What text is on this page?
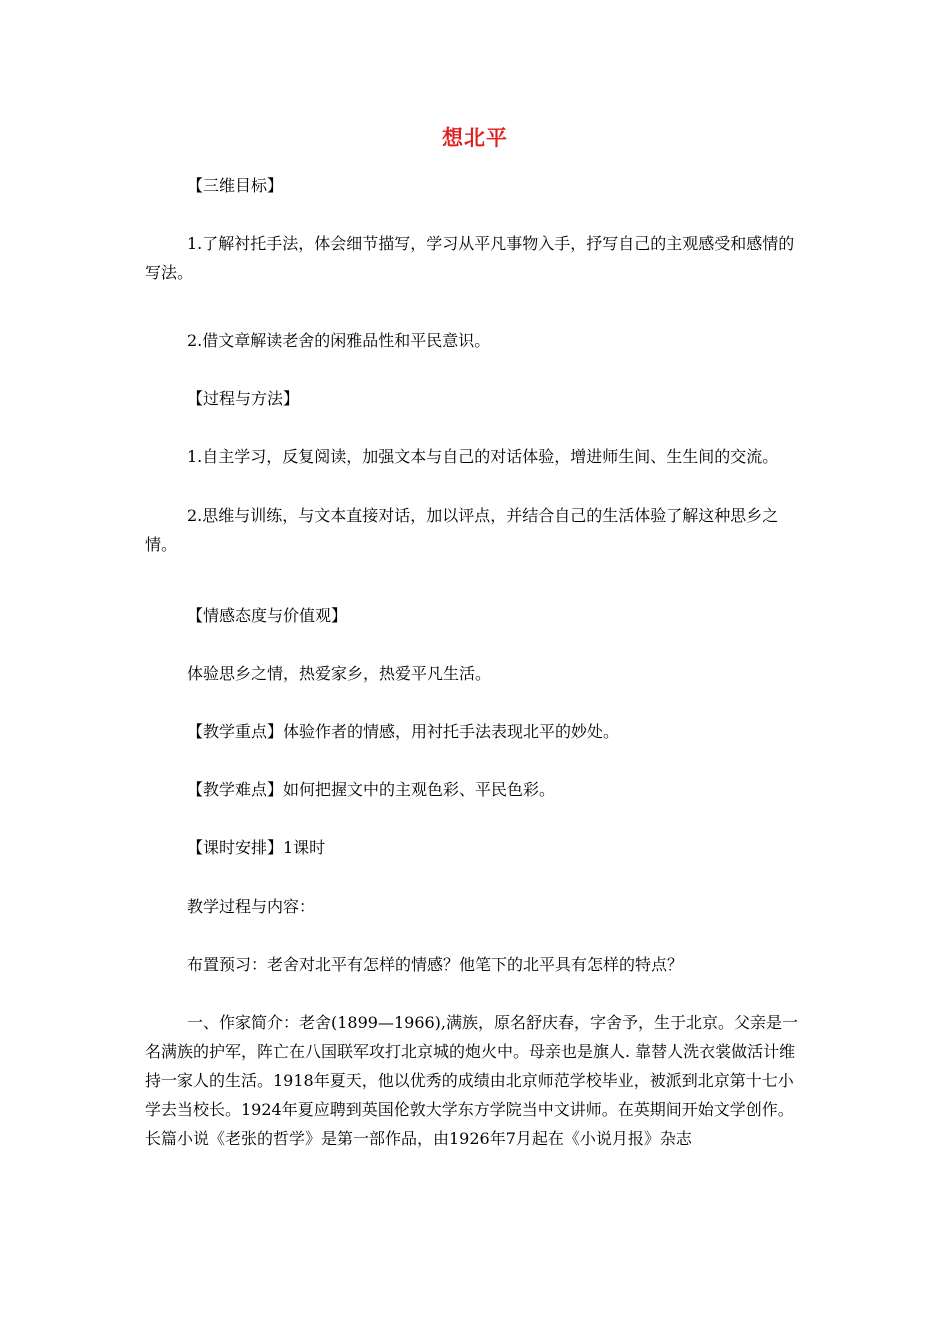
想北平
【三维目标】
1.了解衬托手法，体会细节描写，学习从平凡事物入手，抒写自己的主观感受和感情的写法。
2.借文章解读老舍的闲雅品性和平民意识。
【过程与方法】
1.自主学习，反复阅读，加强文本与自己的对话体验，增进师生间、生生间的交流。
2.思维与训练，与文本直接对话，加以评点，并结合自己的生活体验了解这种思乡之情。
【情感态度与价值观】
体验思乡之情，热爱家乡，热爱平凡生活。
【教学重点】体验作者的情感，用衬托手法表现北平的妙处。
【教学难点】如何把握文中的主观色彩、平民色彩。
【课时安排】1课时
教学过程与内容：
布置预习：老舍对北平有怎样的情感？他笔下的北平具有怎样的特点？
一、作家简介：老舍(1899—1966),满族，原名舒庆春，字舍予，生于北京。父亲是一名满族的护军，阵亡在八国联军攻打北京城的炮火中。母亲也是旗人. 靠替人洗衣裳做活计维持一家人的生活。1918年夏天，他以优秀的成绩由北京师范学校毕业，被派到北京第十七小学去当校长。1924年夏应聘到英国伦敦大学东方学院当中文讲师。在英期间开始文学创作。长篇小说《老张的哲学》是第一部作品，由1926年7月起在《小说月报》杂志
